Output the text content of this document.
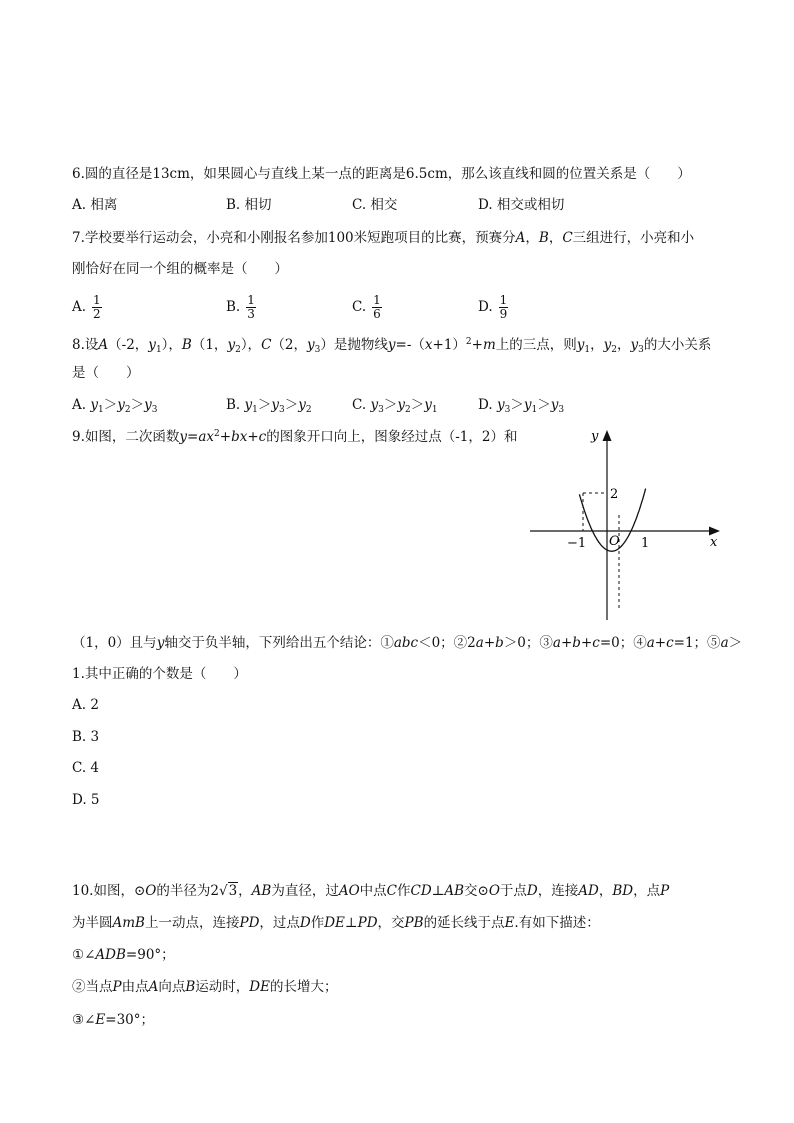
6.圆的直径是13cm，如果圆心与直线上某一点的距离是6.5cm，那么该直线和圆的位置关系是（　　）
A. 相离	B. 相切	C. 相交	D. 相交或相切
7.学校要举行运动会，小亮和小刚报名参加100米短跑项目的比赛，预赛分A，B，C三组进行，小亮和小
刚恰好在同一个组的概率是（　　）
A. $\frac{1}{2}$	B. $\frac{1}{3}$	C. $\frac{1}{6}$	D. $\frac{1}{9}$
8.设A（-2，$y_1$），B（1，$y_2$），C（2，$y_3$）是抛物线$y=-(x+1)^2+m$上的三点，则$y_1$，$y_2$，$y_3$的大小关系
是（　　）
A. $y_1>y_2>y_3$	B. $y_1>y_3>y_2$	C. $y_3>y_2>y_1$	D. $y_3>y_1>y_3$
9.如图，二次函数$y=ax^2+bx+c$的图象开口向上，图象经过点（-1，2）和	y
x
2
−1 O 1
（1，0）且与y轴交于负半轴，下列给出五个结论：①abc＜0；②2a+b＞0；③a+b+c=0；④a+c=1；⑤a＞
1.其中正确的个数是（　　）
A. 2
B. 3
C. 4
D. 5
10.如图，⊙O的半径为2√3，AB为直径，过AO中点C作CD⊥AB交⊙O于点D，连接AD，BD，点P
为半圆AmB上一动点，连接PD，过点D作DE⊥PD，交PB的延长线于点E.有如下描述：
①∠ADB=90°；
②当点P由点A向点B运动时，DE的长增大；
③∠E=30°；
